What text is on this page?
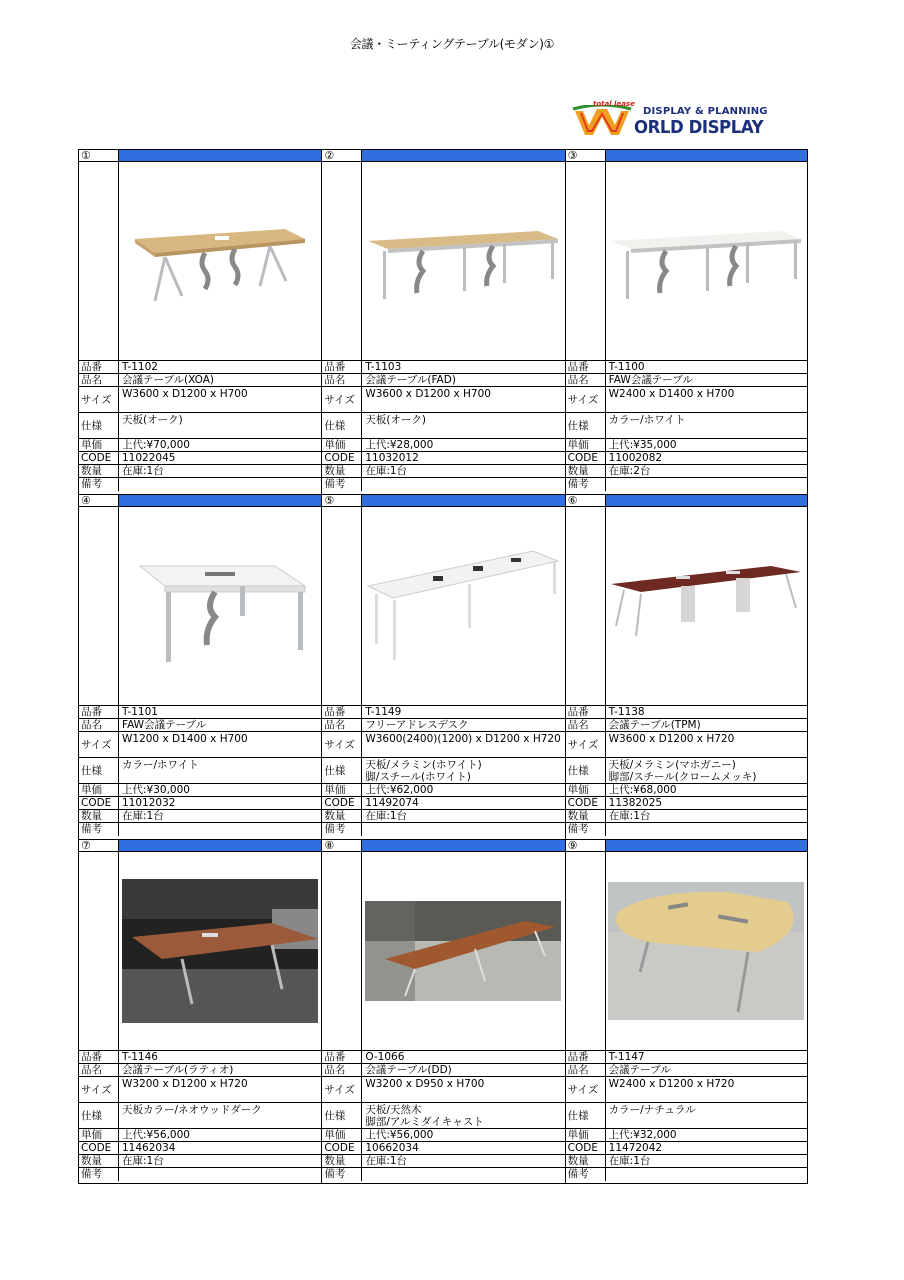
会議・ミーティングテーブル(モダン)①
total lease
DISPLAY & PLANNING
ORLD DISPLAY
①
品番	T-1102
品名	会議テーブル(XOA)
サイズ W3600 x D1200 x H700
仕様	天板(オーク)
単価	上代:¥70,000
CODE	11022045
数量	在庫:1台
備考
②
品番	T-1103
品名	会議テーブル(FAD)
サイズ W3600 x D1200 x H700
仕様	天板(オーク)
単価	上代:¥28,000
CODE	11032012
数量	在庫:1台
備考
③
品番	T-1100
品名	FAW会議テーブル
サイズ W2400 x D1400 x H700
仕様	カラー/ホワイト
単価	上代:¥35,000
CODE	11002082
数量	在庫:2台
備考
④
品番	T-1101
品名	FAW会議テーブル
サイズ W1200 x D1400 x H700
仕様	カラー/ホワイト
単価	上代:¥30,000
CODE	11012032
数量	在庫:1台
備考
⑤
品番	T-1149
品名	フリーアドレスデスク
サイズ W3600(2400)(1200) x D1200 x H720
仕様	天板/メラミン(ホワイト)
脚/スチール(ホワイト)
単価	上代:¥62,000
CODE	11492074
数量	在庫:1台
備考
⑥
品番	T-1138
品名	会議テーブル(TPM)
サイズ W3600 x D1200 x H720
仕様	天板/メラミン(マホガニー)
脚部/スチール(クロームメッキ)
単価	上代:¥68,000
CODE	11382025
数量	在庫:1台
備考
⑦
品番	T-1146
品名	会議テーブル(ラティオ)
サイズ W3200 x D1200 x H720
仕様	天板カラー/ネオウッドダーク
単価	上代:¥56,000
CODE	11462034
数量	在庫:1台
備考
⑧
品番	O-1066
品名	会議テーブル(DD)
サイズ W3200 x D950 x H700
仕様	天板/天然木
脚部/アルミダイキャスト
単価	上代:¥56,000
CODE	10662034
数量	在庫:1台
備考
⑨
品番	T-1147
品名	会議テーブル
サイズ W2400 x D1200 x H720
仕様	カラー/ナチュラル
単価	上代:¥32,000
CODE	11472042
数量	在庫:1台
備考
